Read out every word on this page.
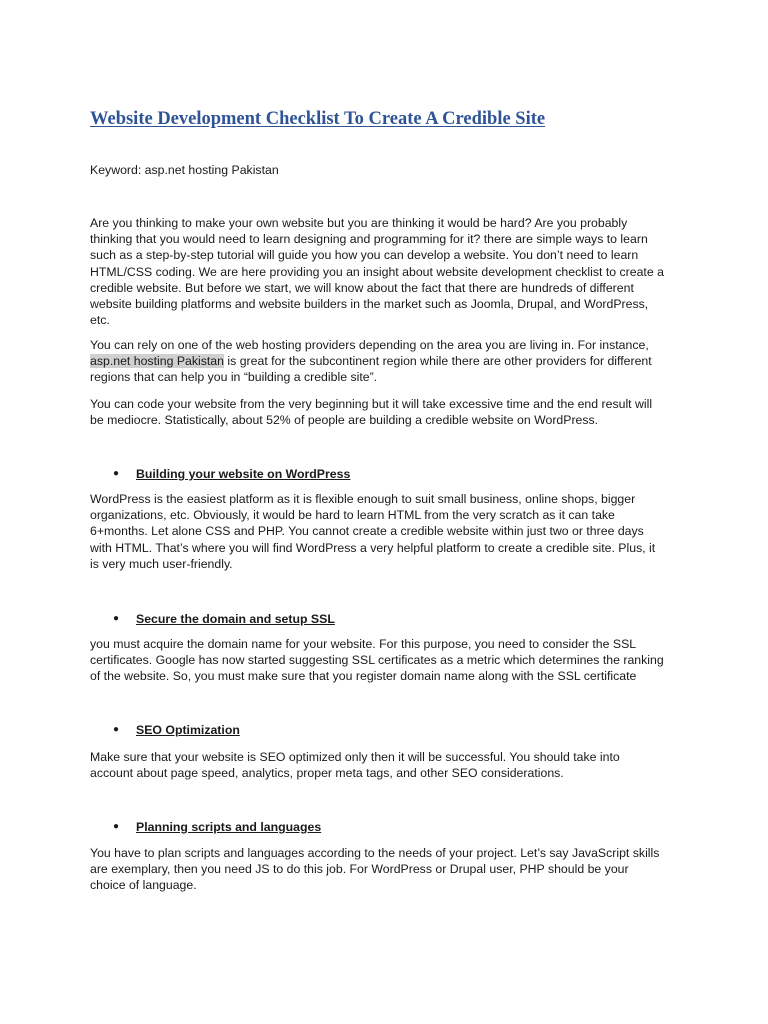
Website Development Checklist To Create A Credible Site

Keyword: asp.net hosting Pakistan

Are you thinking to make your own website but you are thinking it would be hard? Are you probably
thinking that you would need to learn designing and programming for it? there are simple ways to learn
such as a step-by-step tutorial will guide you how you can develop a website. You don’t need to learn
HTML/CSS coding. We are here providing you an insight about website development checklist to create a
credible website. But before we start, we will know about the fact that there are hundreds of different
website building platforms and website builders in the market such as Joomla, Drupal, and WordPress,
etc.

You can rely on one of the web hosting providers depending on the area you are living in. For instance,
asp.net hosting Pakistan is great for the subcontinent region while there are other providers for different
regions that can help you in “building a credible site”.

You can code your website from the very beginning but it will take excessive time and the end result will
be mediocre. Statistically, about 52% of people are building a credible website on WordPress.

●	Building your website on WordPress

WordPress is the easiest platform as it is flexible enough to suit small business, online shops, bigger
organizations, etc. Obviously, it would be hard to learn HTML from the very scratch as it can take
6+months. Let alone CSS and PHP. You cannot create a credible website within just two or three days
with HTML. That’s where you will find WordPress a very helpful platform to create a credible site. Plus, it
is very much user-friendly.

●	Secure the domain and setup SSL

you must acquire the domain name for your website. For this purpose, you need to consider the SSL
certificates. Google has now started suggesting SSL certificates as a metric which determines the ranking
of the website. So, you must make sure that you register domain name along with the SSL certificate

●	SEO Optimization

Make sure that your website is SEO optimized only then it will be successful. You should take into
account about page speed, analytics, proper meta tags, and other SEO considerations.

●	Planning scripts and languages

You have to plan scripts and languages according to the needs of your project. Let’s say JavaScript skills
are exemplary, then you need JS to do this job. For WordPress or Drupal user, PHP should be your
choice of language.
